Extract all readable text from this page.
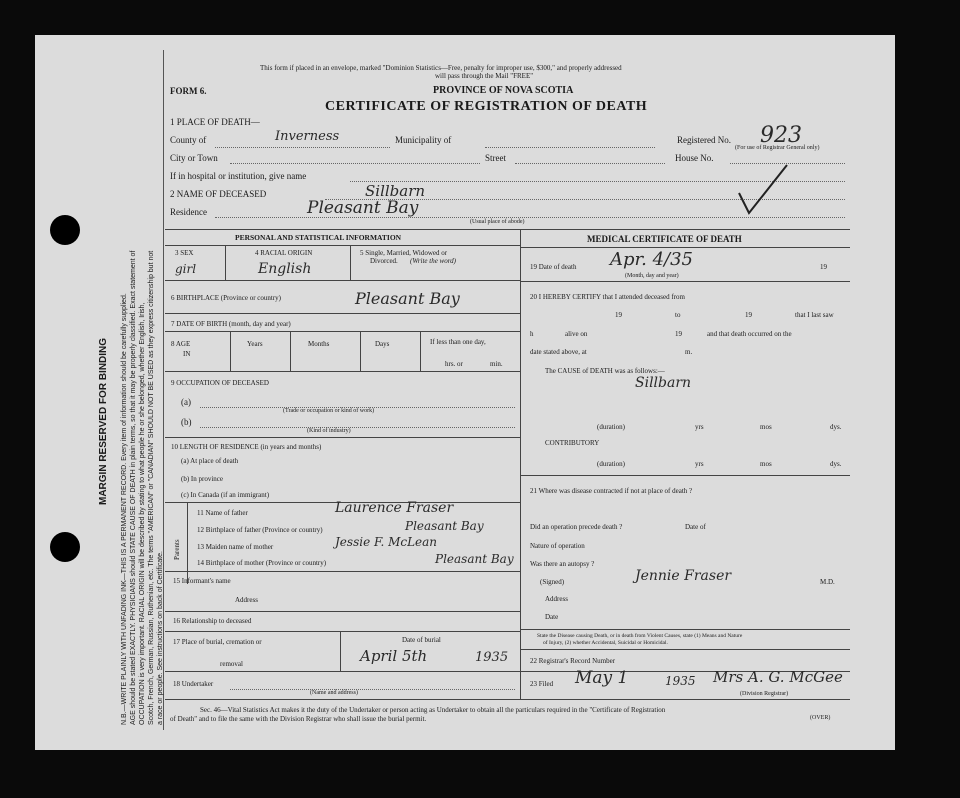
MARGIN RESERVED FOR BINDING N.B.—WRITE PLAINLY WITH UNFADING INK—THIS IS A PERMANENT RECORD. Every item of information should be carefully supplied. AGE should be stated EXACTLY. PHYSICIANS should STATE CAUSE OF DEATH in plain terms, so that it may be properly classified. Exact statement of OCCUPATION is very important. RACIAL ORIGIN will be described by stating to what people he or she belonged, whether English, Irish, Scotch, French, German, Russian, Ruthenian, etc. The terms "AMERICAN" or "CANADIAN" SHOULD NOT BE USED as they express citizenship but not a race or people. See instructions on back of Certificate.
This form if placed in an envelope, marked "Dominion Statistics—Free, penalty for improper use, $300," and properly addressed
will pass through the Mail "FREE"
FORM 6.	PROVINCE OF NOVA SCOTIA
CERTIFICATE OF REGISTRATION OF DEATH
1 PLACE OF DEATH—
County of	Inverness	Municipality of	Registered No. 923
(For use of Registrar General only)
City or Town	Street	House No.
If in hospital or institution, give name
2 NAME OF DECEASED	Sillbarn
Residence	Pleasant Bay
(Usual place of abode)
PERSONAL AND STATISTICAL INFORMATION
3 SEX
girl
4 RACIAL ORIGIN
English
5 Single, Married, Widowed or
Divorced. (Write the word)
6 BIRTHPLACE (Province or country)	Pleasant Bay
7 DATE OF BIRTH (month, day and year)
8 AGE
IN
Years	Months	Days	If less than one day,
hrs. or	min.
9 OCCUPATION OF DECEASED
(a)
(Trade or occupation or kind of work)
(b)
(Kind of industry)
10 LENGTH OF RESIDENCE (in years and months)
(a) At place of death
(b) In province
(c) In Canada (if an immigrant)
Parents
11 Name of father	Laurence Fraser
12 Birthplace of father (Province or country)	Pleasant Bay
13 Maiden name of mother	Jessie F. McLean
14 Birthplace of mother (Province or country)	Pleasant Bay
15 Informant's name
Address
16 Relationship to deceased
17 Place of burial, cremation or
removal
Date of burial
April 5th	1935
18 Undertaker
(Name and address)
MEDICAL CERTIFICATE OF DEATH
19 Date of death Apr. 4/35	19
(Month, day and year)
20 I HEREBY CERTIFY that I attended deceased from
19	to	19	that I last saw
h	alive on	19	and that death occurred on the
date stated above, at	m.
The CAUSE of DEATH was as follows:—
Sillbarn
(duration)	yrs	mos	dys.
CONTRIBUTORY
(duration)	yrs	mos	dys.
21 Where was disease contracted if not at place of death ?
Did an operation precede death ?	Date of
Nature of operation
Was there an autopsy ?
(Signed)	Jennie Fraser	M.D.
Address
Date
State the Disease causing Death, or in death from Violent Causes, state (1) Means and Nature
of Injury, (2) whether Accidental, Suicidal or Homicidal.
22 Registrar's Record Number
23 Filed May 1	1935 Mrs A. G. McGee
(Division Registrar)
Sec. 46—Vital Statistics Act makes it the duty of the Undertaker or person acting as Undertaker to obtain all the particulars required in the "Certificate of Registration
of Death" and to file the same with the Division Registrar who shall issue the burial permit.	(OVER)
